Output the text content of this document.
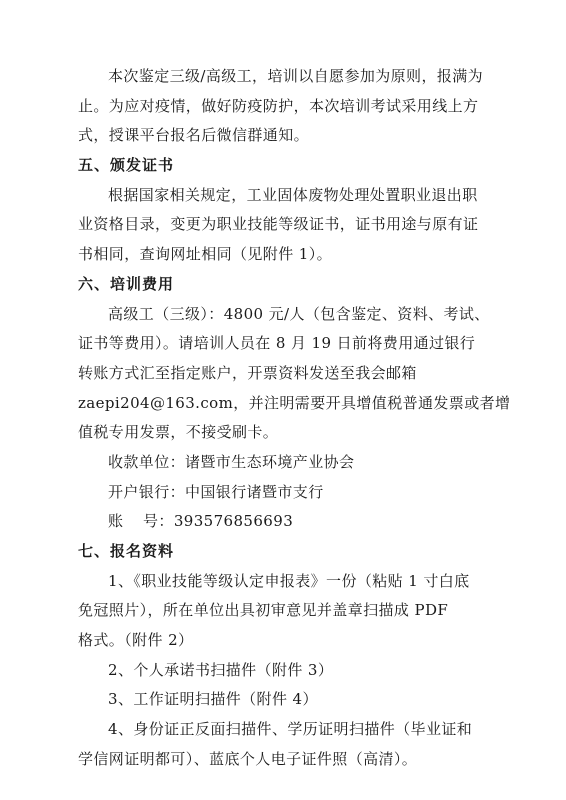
本次鉴定三级/高级工，培训以自愿参加为原则，报满为
止。为应对疫情，做好防疫防护，本次培训考试采用线上方
式，授课平台报名后微信群通知。
五、颁发证书
根据国家相关规定，工业固体废物处理处置职业退出职
业资格目录，变更为职业技能等级证书，证书用途与原有证
书相同，查询网址相同（见附件 1）。
六、培训费用
高级工（三级）：4800 元/人（包含鉴定、资料、考试、
证书等费用）。请培训人员在 8 月 19 日前将费用通过银行
转账方式汇至指定账户，开票资料发送至我会邮箱
zaepi204@163.com，并注明需要开具增值税普通发票或者增
值税专用发票，不接受刷卡。
收款单位：诸暨市生态环境产业协会
开户银行：中国银行诸暨市支行
账号：393576856693
七、报名资料
1、《职业技能等级认定申报表》一份（粘贴 1 寸白底
免冠照片），所在单位出具初审意见并盖章扫描成 PDF
格式。（附件 2）
2、个人承诺书扫描件（附件 3）
3、工作证明扫描件（附件 4）
4、身份证正反面扫描件、学历证明扫描件（毕业证和
学信网证明都可）、蓝底个人电子证件照（高清）。
